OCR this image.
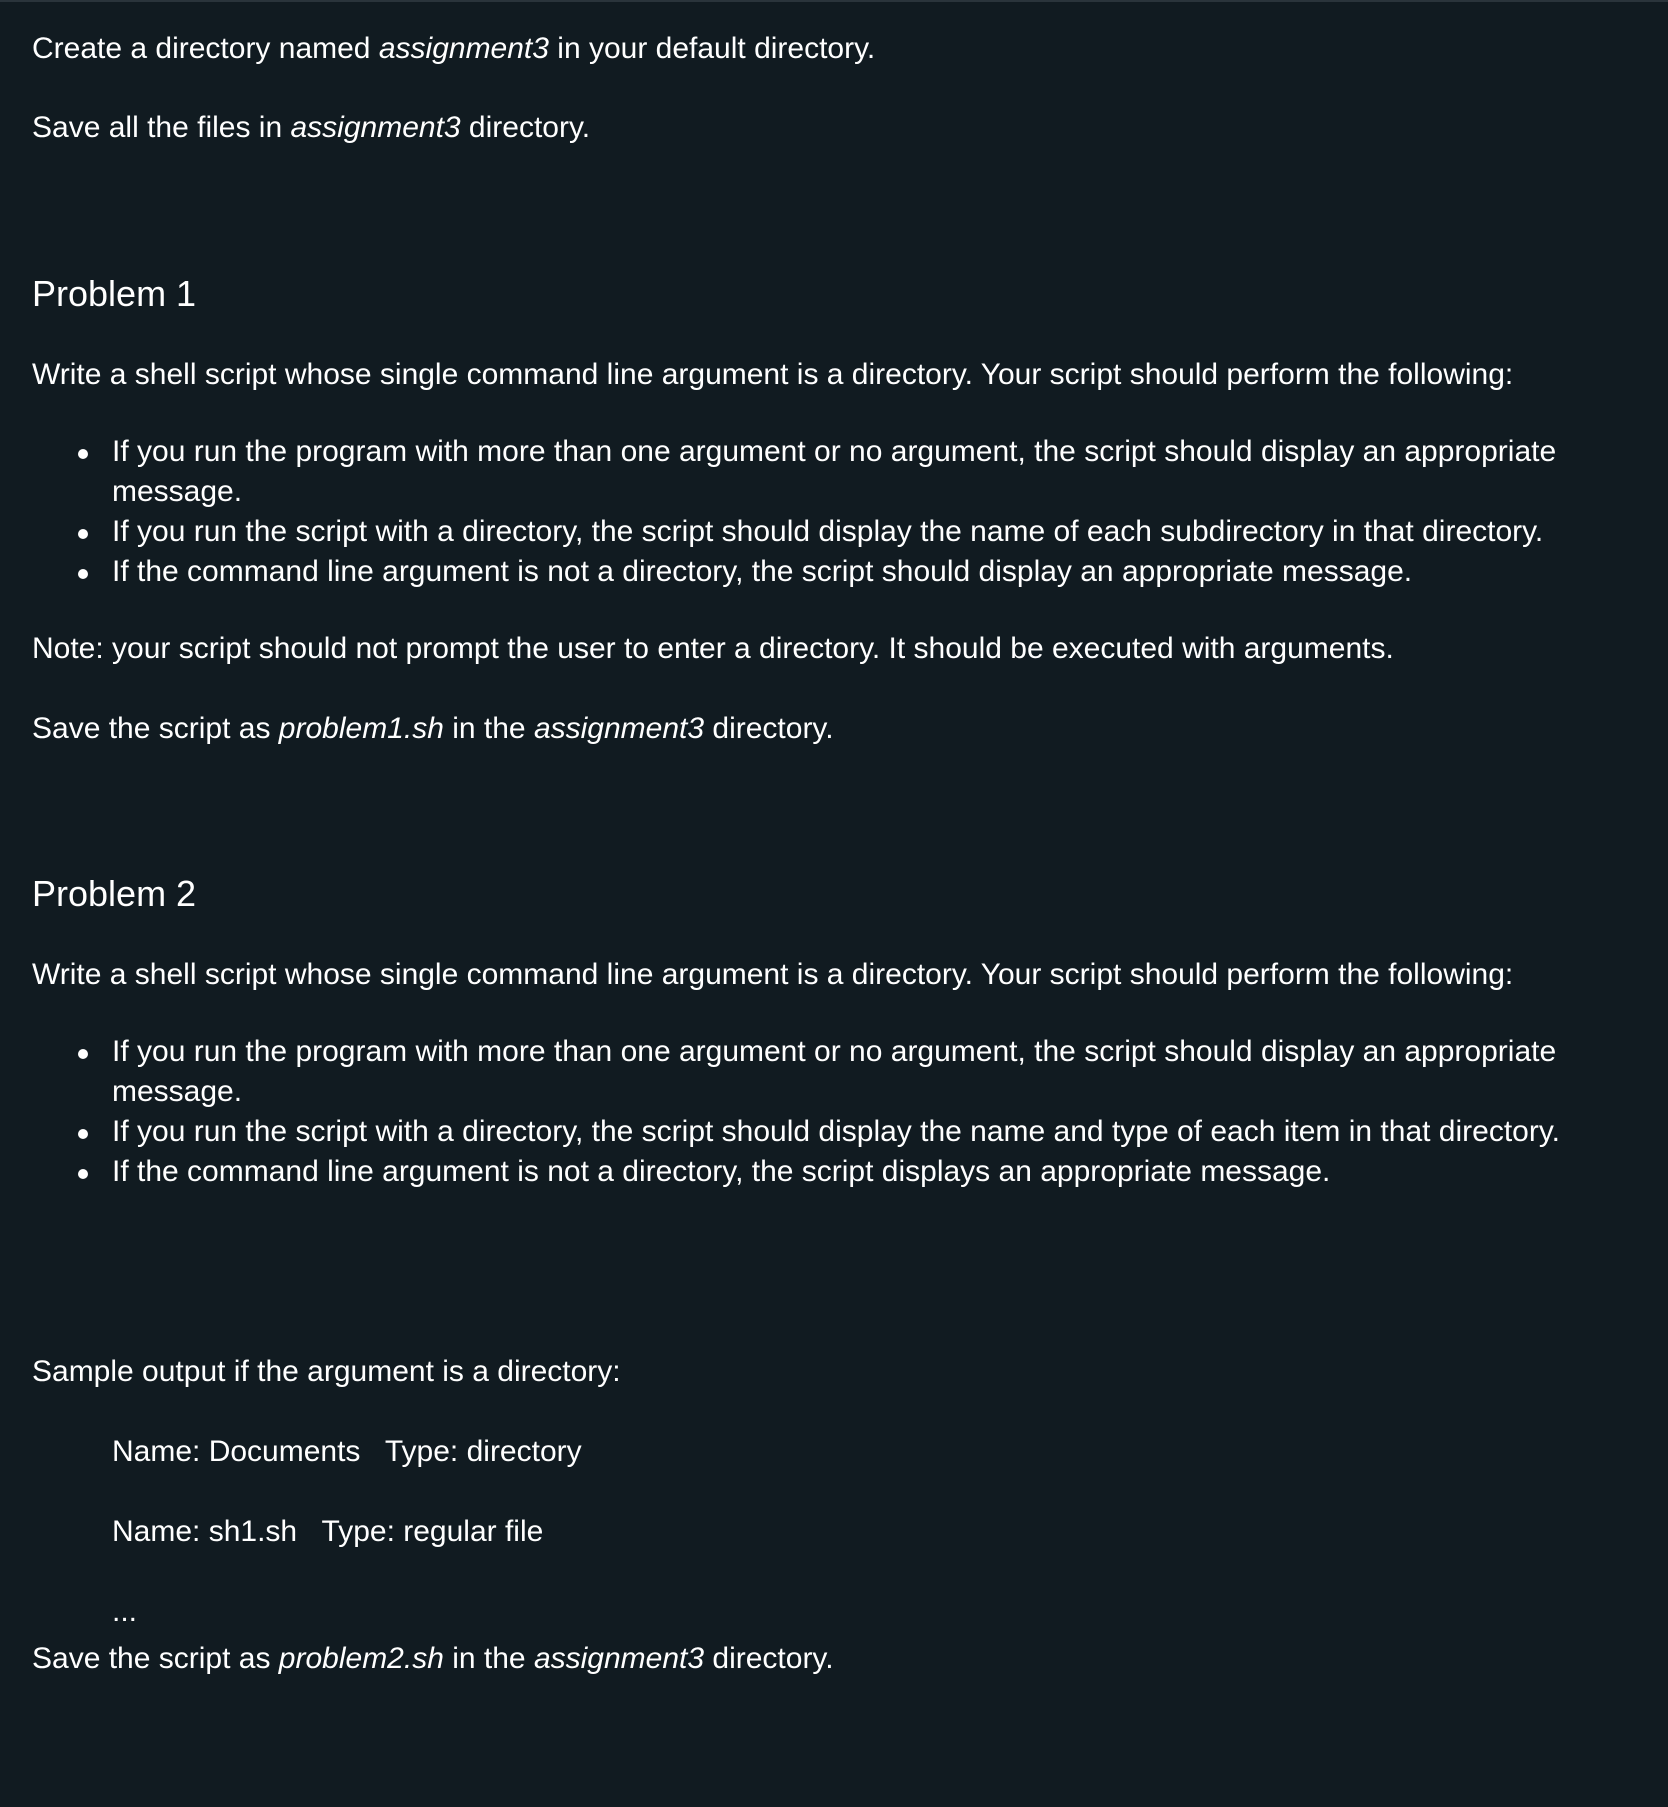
Create a directory named assignment3 in your default directory.

Save all the files in assignment3 directory.

Problem 1

Write a shell script whose single command line argument is a directory. Your script should perform the following:

If you run the program with more than one argument or no argument, the script should display an appropriate message.
If you run the script with a directory, the script should display the name of each subdirectory in that directory.
If the command line argument is not a directory, the script should display an appropriate message.

Note: your script should not prompt the user to enter a directory. It should be executed with arguments.

Save the script as problem1.sh in the assignment3 directory.

Problem 2

Write a shell script whose single command line argument is a directory. Your script should perform the following:

If you run the program with more than one argument or no argument, the script should display an appropriate message.
If you run the script with a directory, the script should display the name and type of each item in that directory.
If the command line argument is not a directory, the script displays an appropriate message.

Sample output if the argument is a directory:

Name: Documents   Type: directory

Name: sh1.sh   Type: regular file

...

Save the script as problem2.sh in the assignment3 directory.
